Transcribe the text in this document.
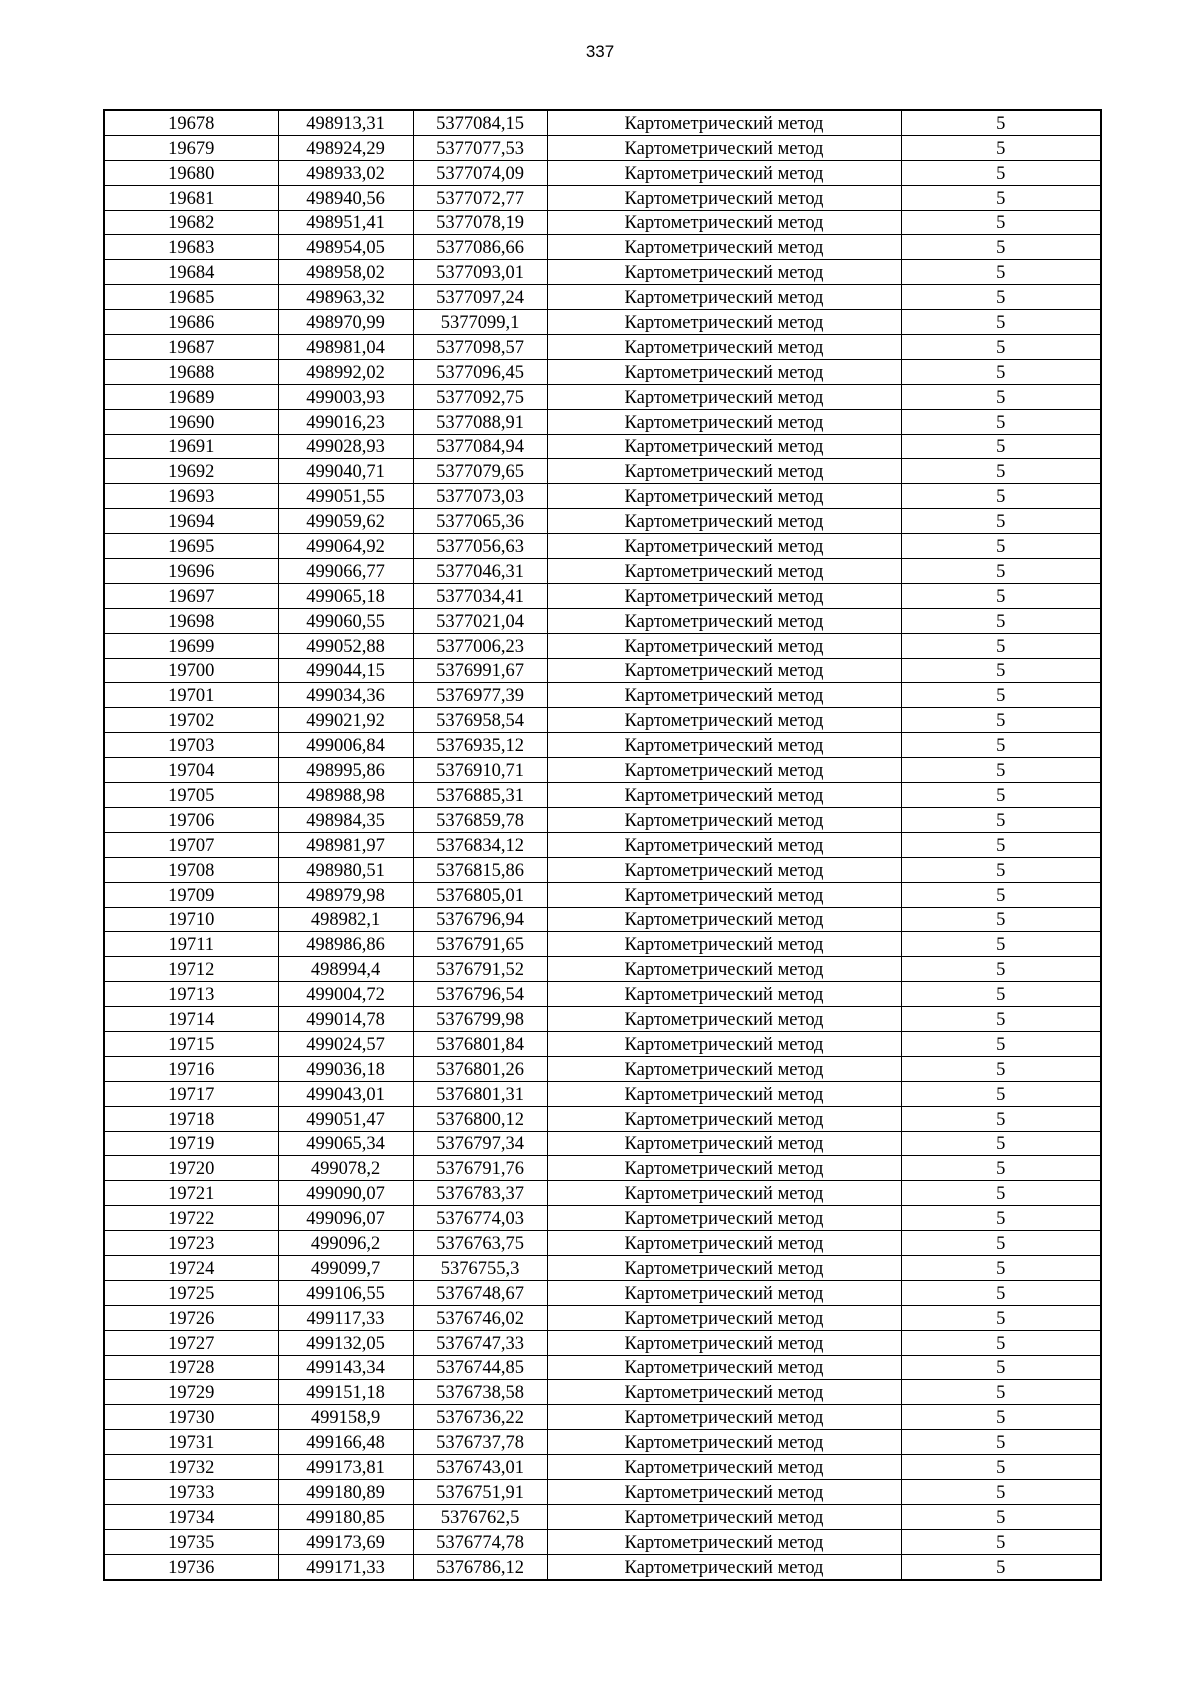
337
19678	498913,31	5377084,15	Картометрический метод	5
19679	498924,29	5377077,53	Картометрический метод	5
19680	498933,02	5377074,09	Картометрический метод	5
19681	498940,56	5377072,77	Картометрический метод	5
19682	498951,41	5377078,19	Картометрический метод	5
19683	498954,05	5377086,66	Картометрический метод	5
19684	498958,02	5377093,01	Картометрический метод	5
19685	498963,32	5377097,24	Картометрический метод	5
19686	498970,99	5377099,1	Картометрический метод	5
19687	498981,04	5377098,57	Картометрический метод	5
19688	498992,02	5377096,45	Картометрический метод	5
19689	499003,93	5377092,75	Картометрический метод	5
19690	499016,23	5377088,91	Картометрический метод	5
19691	499028,93	5377084,94	Картометрический метод	5
19692	499040,71	5377079,65	Картометрический метод	5
19693	499051,55	5377073,03	Картометрический метод	5
19694	499059,62	5377065,36	Картометрический метод	5
19695	499064,92	5377056,63	Картометрический метод	5
19696	499066,77	5377046,31	Картометрический метод	5
19697	499065,18	5377034,41	Картометрический метод	5
19698	499060,55	5377021,04	Картометрический метод	5
19699	499052,88	5377006,23	Картометрический метод	5
19700	499044,15	5376991,67	Картометрический метод	5
19701	499034,36	5376977,39	Картометрический метод	5
19702	499021,92	5376958,54	Картометрический метод	5
19703	499006,84	5376935,12	Картометрический метод	5
19704	498995,86	5376910,71	Картометрический метод	5
19705	498988,98	5376885,31	Картометрический метод	5
19706	498984,35	5376859,78	Картометрический метод	5
19707	498981,97	5376834,12	Картометрический метод	5
19708	498980,51	5376815,86	Картометрический метод	5
19709	498979,98	5376805,01	Картометрический метод	5
19710	498982,1	5376796,94	Картометрический метод	5
19711	498986,86	5376791,65	Картометрический метод	5
19712	498994,4	5376791,52	Картометрический метод	5
19713	499004,72	5376796,54	Картометрический метод	5
19714	499014,78	5376799,98	Картометрический метод	5
19715	499024,57	5376801,84	Картометрический метод	5
19716	499036,18	5376801,26	Картометрический метод	5
19717	499043,01	5376801,31	Картометрический метод	5
19718	499051,47	5376800,12	Картометрический метод	5
19719	499065,34	5376797,34	Картометрический метод	5
19720	499078,2	5376791,76	Картометрический метод	5
19721	499090,07	5376783,37	Картометрический метод	5
19722	499096,07	5376774,03	Картометрический метод	5
19723	499096,2	5376763,75	Картометрический метод	5
19724	499099,7	5376755,3	Картометрический метод	5
19725	499106,55	5376748,67	Картометрический метод	5
19726	499117,33	5376746,02	Картометрический метод	5
19727	499132,05	5376747,33	Картометрический метод	5
19728	499143,34	5376744,85	Картометрический метод	5
19729	499151,18	5376738,58	Картометрический метод	5
19730	499158,9	5376736,22	Картометрический метод	5
19731	499166,48	5376737,78	Картометрический метод	5
19732	499173,81	5376743,01	Картометрический метод	5
19733	499180,89	5376751,91	Картометрический метод	5
19734	499180,85	5376762,5	Картометрический метод	5
19735	499173,69	5376774,78	Картометрический метод	5
19736	499171,33	5376786,12	Картометрический метод	5
